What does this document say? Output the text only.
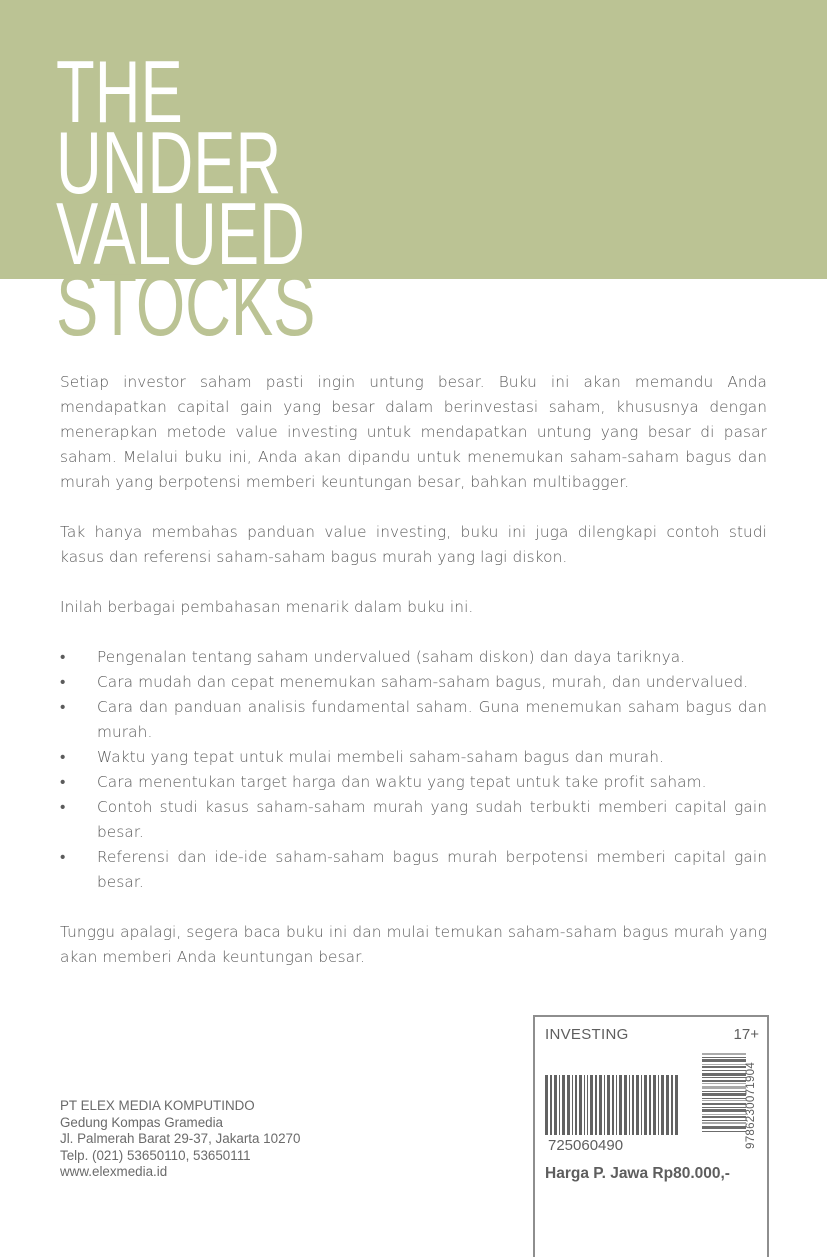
THE
UNDER
VALUED
STOCKS

Setiap investor saham pasti ingin untung besar. Buku ini akan memandu Anda mendapatkan capital gain yang besar dalam berinvestasi saham, khususnya dengan menerapkan metode value investing untuk mendapatkan untung yang besar di pasar saham. Melalui buku ini, Anda akan dipandu untuk menemukan saham-saham bagus dan murah yang berpotensi memberi keuntungan besar, bahkan multibagger.

Tak hanya membahas panduan value investing, buku ini juga dilengkapi contoh studi kasus dan referensi saham-saham bagus murah yang lagi diskon.

Inilah berbagai pembahasan menarik dalam buku ini.

• Pengenalan tentang saham undervalued (saham diskon) dan daya tariknya.
• Cara mudah dan cepat menemukan saham-saham bagus, murah, dan undervalued.
• Cara dan panduan analisis fundamental saham. Guna menemukan saham bagus dan murah.
• Waktu yang tepat untuk mulai membeli saham-saham bagus dan murah.
• Cara menentukan target harga dan waktu yang tepat untuk take profit saham.
• Contoh studi kasus saham-saham murah yang sudah terbukti memberi capital gain besar.
• Referensi dan ide-ide saham-saham bagus murah berpotensi memberi capital gain besar.

Tunggu apalagi, segera baca buku ini dan mulai temukan saham-saham bagus murah yang akan memberi Anda keuntungan besar.

PT ELEX MEDIA KOMPUTINDO
Gedung Kompas Gramedia
Jl. Palmerah Barat 29-37, Jakarta 10270
Telp. (021) 53650110, 53650111
www.elexmedia.id
INVESTING	17+
725060490	9786230071904
Harga P. Jawa Rp80.000,-
